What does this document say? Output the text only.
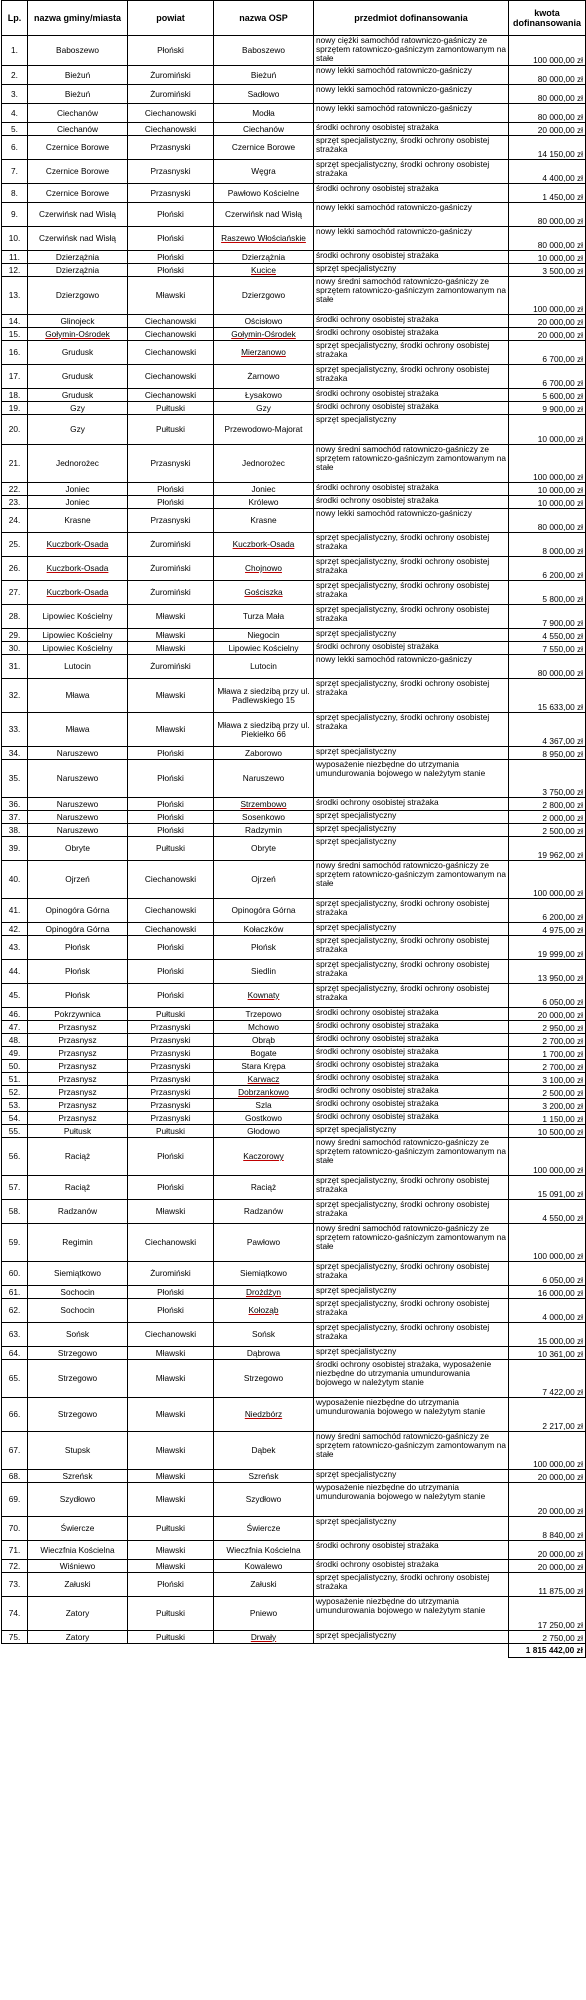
Lp.	nazwa gminy/miasta	powiat	nazwa OSP	przedmiot dofinansowania	kwota dofinansowania
1.	Baboszewo	Płoński	Baboszewo	nowy ciężki samochód ratowniczo-gaśniczy ze sprzętem ratowniczo-gaśniczym zamontowanym na stałe	100 000,00 zł
2.	Bieżuń	Żuromiński	Bieżuń	nowy lekki samochód ratowniczo-gaśniczy	80 000,00 zł
3.	Bieżuń	Żuromiński	Sadłowo	nowy lekki samochód ratowniczo-gaśniczy	80 000,00 zł
4.	Ciechanów	Ciechanowski	Modła	nowy lekki samochód ratowniczo-gaśniczy	80 000,00 zł
5.	Ciechanów	Ciechanowski	Ciechanów	środki ochrony osobistej strażaka	20 000,00 zł
6.	Czernice Borowe	Przasnyski	Czernice Borowe	sprzęt specjalistyczny, środki ochrony osobistej strażaka	14 150,00 zł
7.	Czernice Borowe	Przasnyski	Węgra	sprzęt specjalistyczny, środki ochrony osobistej strażaka	4 400,00 zł
8.	Czernice Borowe	Przasnyski	Pawłowo Kościelne	środki ochrony osobistej strażaka	1 450,00 zł
9.	Czerwińsk nad Wisłą	Płoński	Czerwińsk nad Wisłą	nowy lekki samochód ratowniczo-gaśniczy	80 000,00 zł
10.	Czerwińsk nad Wisłą	Płoński	Raszewo Włościańskie	nowy lekki samochód ratowniczo-gaśniczy	80 000,00 zł
11.	Dzierzążnia	Płoński	Dzierzążnia	środki ochrony osobistej strażaka	10 000,00 zł
12.	Dzierzążnia	Płoński	Kucice	sprzęt specjalistyczny	3 500,00 zł
13.	Dzierzgowo	Mławski	Dzierzgowo	nowy średni samochód ratowniczo-gaśniczy ze sprzętem ratowniczo-gaśniczym zamontowanym na stałe	100 000,00 zł
14.	Glinojeck	Ciechanowski	Ościsłowo	środki ochrony osobistej strażaka	20 000,00 zł
15.	Gołymin-Ośrodek	Ciechanowski	Gołymin-Ośrodek	środki ochrony osobistej strażaka	20 000,00 zł
16.	Grudusk	Ciechanowski	Mierzanowo	sprzęt specjalistyczny, środki ochrony osobistej strażaka	6 700,00 zł
17.	Grudusk	Ciechanowski	Żarnowo	sprzęt specjalistyczny, środki ochrony osobistej strażaka	6 700,00 zł
18.	Grudusk	Ciechanowski	Łysakowo	środki ochrony osobistej strażaka	5 600,00 zł
19.	Gzy	Pułtuski	Gzy	środki ochrony osobistej strażaka	9 900,00 zł
20.	Gzy	Pułtuski	Przewodowo-Majorat	sprzęt specjalistyczny	10 000,00 zł
21.	Jednorożec	Przasnyski	Jednorożec	nowy średni samochód ratowniczo-gaśniczy ze sprzętem ratowniczo-gaśniczym zamontowanym na stałe	100 000,00 zł
22.	Joniec	Płoński	Joniec	środki ochrony osobistej strażaka	10 000,00 zł
23.	Joniec	Płoński	Królewo	środki ochrony osobistej strażaka	10 000,00 zł
24.	Krasne	Przasnyski	Krasne	nowy lekki samochód ratowniczo-gaśniczy	80 000,00 zł
25.	Kuczbork-Osada	Żuromiński	Kuczbork-Osada	sprzęt specjalistyczny, środki ochrony osobistej strażaka	8 000,00 zł
26.	Kuczbork-Osada	Żuromiński	Chojnowo	sprzęt specjalistyczny, środki ochrony osobistej strażaka	6 200,00 zł
27.	Kuczbork-Osada	Żuromiński	Gościszka	sprzęt specjalistyczny, środki ochrony osobistej strażaka	5 800,00 zł
28.	Lipowiec Kościelny	Mławski	Turza Mała	sprzęt specjalistyczny, środki ochrony osobistej strażaka	7 900,00 zł
29.	Lipowiec Kościelny	Mławski	Niegocin	sprzęt specjalistyczny	4 550,00 zł
30.	Lipowiec Kościelny	Mławski	Lipowiec Kościelny	środki ochrony osobistej strażaka	7 550,00 zł
31.	Lutocin	Żuromiński	Lutocin	nowy lekki samochód ratowniczo-gaśniczy	80 000,00 zł
32.	Mława	Mławski	Mława z siedzibą przy ul. Padlewskiego 15	sprzęt specjalistyczny, środki ochrony osobistej strażaka	15 633,00 zł
33.	Mława	Mławski	Mława z siedzibą przy ul. Piekiełko 66	sprzęt specjalistyczny, środki ochrony osobistej strażaka	4 367,00 zł
34.	Naruszewo	Płoński	Zaborowo	sprzęt specjalistyczny	8 950,00 zł
35.	Naruszewo	Płoński	Naruszewo	wyposażenie niezbędne do utrzymania umundurowania bojowego w należytym stanie	3 750,00 zł
36.	Naruszewo	Płoński	Strzembowo	środki ochrony osobistej strażaka	2 800,00 zł
37.	Naruszewo	Płoński	Sosenkowo	sprzęt specjalistyczny	2 000,00 zł
38.	Naruszewo	Płoński	Radzymin	sprzęt specjalistyczny	2 500,00 zł
39.	Obryte	Pułtuski	Obryte	sprzęt specjalistyczny	19 962,00 zł
40.	Ojrzeń	Ciechanowski	Ojrzeń	nowy średni samochód ratowniczo-gaśniczy ze sprzętem ratowniczo-gaśniczym zamontowanym na stałe	100 000,00 zł
41.	Opinogóra Górna	Ciechanowski	Opinogóra Górna	sprzęt specjalistyczny, środki ochrony osobistej strażaka	6 200,00 zł
42.	Opinogóra Górna	Ciechanowski	Kołaczków	sprzęt specjalistyczny	4 975,00 zł
43.	Płońsk	Płoński	Płońsk	sprzęt specjalistyczny, środki ochrony osobistej strażaka	19 999,00 zł
44.	Płońsk	Płoński	Siedlin	sprzęt specjalistyczny, środki ochrony osobistej strażaka	13 950,00 zł
45.	Płońsk	Płoński	Kownaty	sprzęt specjalistyczny, środki ochrony osobistej strażaka	6 050,00 zł
46.	Pokrzywnica	Pułtuski	Trzepowo	środki ochrony osobistej strażaka	20 000,00 zł
47.	Przasnysz	Przasnyski	Mchowo	środki ochrony osobistej strażaka	2 950,00 zł
48.	Przasnysz	Przasnyski	Obrąb	środki ochrony osobistej strażaka	2 700,00 zł
49.	Przasnysz	Przasnyski	Bogate	środki ochrony osobistej strażaka	1 700,00 zł
50.	Przasnysz	Przasnyski	Stara Krępa	środki ochrony osobistej strażaka	2 700,00 zł
51.	Przasnysz	Przasnyski	Karwacz	środki ochrony osobistej strażaka	3 100,00 zł
52.	Przasnysz	Przasnyski	Dobrzankowo	środki ochrony osobistej strażaka	2 500,00 zł
53.	Przasnysz	Przasnyski	Szla	środki ochrony osobistej strażaka	3 200,00 zł
54.	Przasnysz	Przasnyski	Gostkowo	środki ochrony osobistej strażaka	1 150,00 zł
55.	Pułtusk	Pułtuski	Głodowo	sprzęt specjalistyczny	10 500,00 zł
56.	Raciąż	Płoński	Kaczorowy	nowy średni samochód ratowniczo-gaśniczy ze sprzętem ratowniczo-gaśniczym zamontowanym na stałe	100 000,00 zł
57.	Raciąż	Płoński	Raciąż	sprzęt specjalistyczny, środki ochrony osobistej strażaka	15 091,00 zł
58.	Radzanów	Mławski	Radzanów	sprzęt specjalistyczny, środki ochrony osobistej strażaka	4 550,00 zł
59.	Regimin	Ciechanowski	Pawłowo	nowy średni samochód ratowniczo-gaśniczy ze sprzętem ratowniczo-gaśniczym zamontowanym na stałe	100 000,00 zł
60.	Siemiątkowo	Żuromiński	Siemiątkowo	sprzęt specjalistyczny, środki ochrony osobistej strażaka	6 050,00 zł
61.	Sochocin	Płoński	Drożdżyn	sprzęt specjalistyczny	16 000,00 zł
62.	Sochocin	Płoński	Kołoząb	sprzęt specjalistyczny, środki ochrony osobistej strażaka	4 000,00 zł
63.	Sońsk	Ciechanowski	Sońsk	sprzęt specjalistyczny, środki ochrony osobistej strażaka	15 000,00 zł
64.	Strzegowo	Mławski	Dąbrowa	sprzęt specjalistyczny	10 361,00 zł
65.	Strzegowo	Mławski	Strzegowo	środki ochrony osobistej strażaka, wyposażenie niezbędne do utrzymania umundurowania bojowego w należytym stanie	7 422,00 zł
66.	Strzegowo	Mławski	Niedzbórz	wyposażenie niezbędne do utrzymania umundurowania bojowego w należytym stanie	2 217,00 zł
67.	Stupsk	Mławski	Dąbek	nowy średni samochód ratowniczo-gaśniczy ze sprzętem ratowniczo-gaśniczym zamontowanym na stałe	100 000,00 zł
68.	Szreńsk	Mławski	Szreńsk	sprzęt specjalistyczny	20 000,00 zł
69.	Szydłowo	Mławski	Szydłowo	wyposażenie niezbędne do utrzymania umundurowania bojowego w należytym stanie	20 000,00 zł
70.	Świercze	Pułtuski	Świercze	sprzęt specjalistyczny	8 840,00 zł
71.	Wieczfnia Kościelna	Mławski	Wieczfnia Kościelna	środki ochrony osobistej strażaka	20 000,00 zł
72.	Wiśniewo	Mławski	Kowalewo	środki ochrony osobistej strażaka	20 000,00 zł
73.	Załuski	Płoński	Załuski	sprzęt specjalistyczny, środki ochrony osobistej strażaka	11 875,00 zł
74.	Zatory	Pułtuski	Pniewo	wyposażenie niezbędne do utrzymania umundurowania bojowego w należytym stanie	17 250,00 zł
75.	Zatory	Pułtuski	Drwały	sprzęt specjalistyczny	2 750,00 zł
					1 815 442,00 zł
